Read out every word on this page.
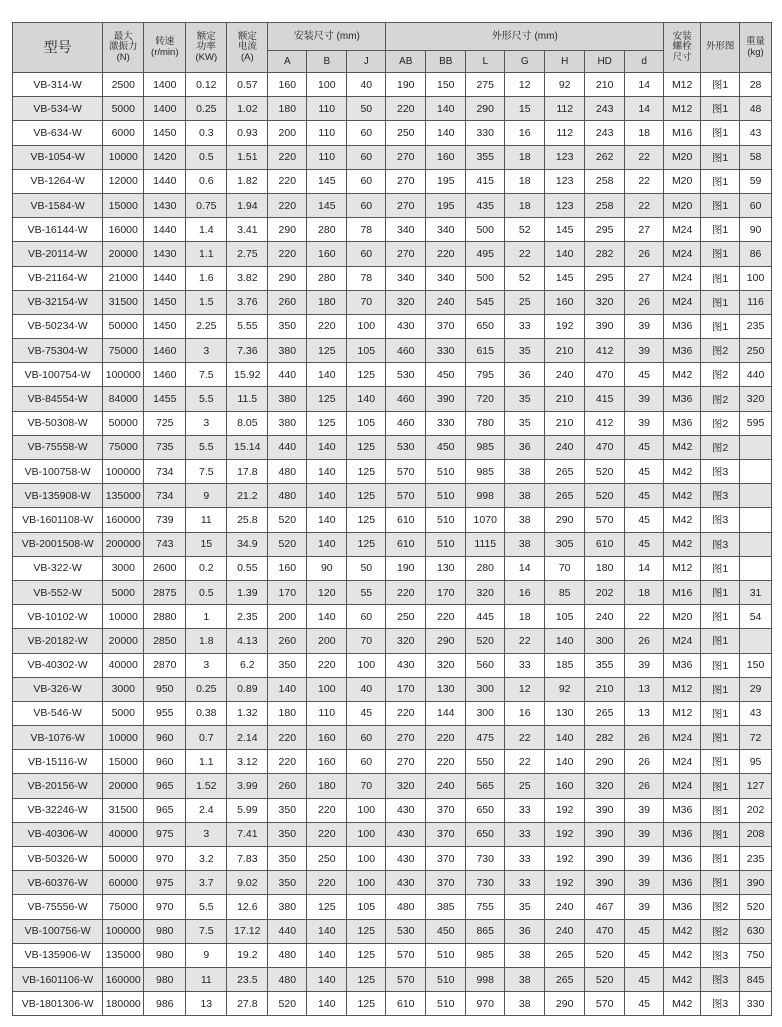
型号	最大
激振力
(N)	转速
(r/min)	额定
功率
(KW)	额定
电流
(A)	安装尺寸 (mm)			外形尺寸 (mm)							安装
螺栓
尺寸	外形图	重量
(kg)
					A	B	J	AB	BB	L	G	H	HD	d			
VB-314-W	2500	1400	0.12	0.57	160	100	40	190	150	275	12	92	210	14	M12	图1	28
VB-534-W	5000	1400	0.25	1.02	180	110	50	220	140	290	15	112	243	14	M12	图1	48
VB-634-W	6000	1450	0.3	0.93	200	110	60	250	140	330	16	112	243	18	M16	图1	43
VB-1054-W	10000	1420	0.5	1.51	220	110	60	270	160	355	18	123	262	22	M20	图1	58
VB-1264-W	12000	1440	0.6	1.82	220	145	60	270	195	415	18	123	258	22	M20	图1	59
VB-1584-W	15000	1430	0.75	1.94	220	145	60	270	195	435	18	123	258	22	M20	图1	60
VB-16144-W	16000	1440	1.4	3.41	290	280	78	340	340	500	52	145	295	27	M24	图1	90
VB-20114-W	20000	1430	1.1	2.75	220	160	60	270	220	495	22	140	282	26	M24	图1	86
VB-21164-W	21000	1440	1.6	3.82	290	280	78	340	340	500	52	145	295	27	M24	图1	100
VB-32154-W	31500	1450	1.5	3.76	260	180	70	320	240	545	25	160	320	26	M24	图1	116
VB-50234-W	50000	1450	2.25	5.55	350	220	100	430	370	650	33	192	390	39	M36	图1	235
VB-75304-W	75000	1460	3	7.36	380	125	105	460	330	615	35	210	412	39	M36	图2	250
VB-100754-W	100000	1460	7.5	15.92	440	140	125	530	450	795	36	240	470	45	M42	图2	440
VB-84554-W	84000	1455	5.5	11.5	380	125	140	460	390	720	35	210	415	39	M36	图2	320
VB-50308-W	50000	725	3	8.05	380	125	105	460	330	780	35	210	412	39	M36	图2	595
VB-75558-W	75000	735	5.5	15.14	440	140	125	530	450	985	36	240	470	45	M42	图2	
VB-100758-W	100000	734	7.5	17.8	480	140	125	570	510	985	38	265	520	45	M42	图3	
VB-135908-W	135000	734	9	21.2	480	140	125	570	510	998	38	265	520	45	M42	图3	
VB-1601108-W	160000	739	11	25.8	520	140	125	610	510	1070	38	290	570	45	M42	图3	
VB-2001508-W	200000	743	15	34.9	520	140	125	610	510	1115	38	305	610	45	M42	图3	
VB-322-W	3000	2600	0.2	0.55	160	90	50	190	130	280	14	70	180	14	M12	图1	
VB-552-W	5000	2875	0.5	1.39	170	120	55	220	170	320	16	85	202	18	M16	图1	31
VB-10102-W	10000	2880	1	2.35	200	140	60	250	220	445	18	105	240	22	M20	图1	54
VB-20182-W	20000	2850	1.8	4.13	260	200	70	320	290	520	22	140	300	26	M24	图1	
VB-40302-W	40000	2870	3	6.2	350	220	100	430	320	560	33	185	355	39	M36	图1	150
VB-326-W	3000	950	0.25	0.89	140	100	40	170	130	300	12	92	210	13	M12	图1	29
VB-546-W	5000	955	0.38	1.32	180	110	45	220	144	300	16	130	265	13	M12	图1	43
VB-1076-W	10000	960	0.7	2.14	220	160	60	270	220	475	22	140	282	26	M24	图1	72
VB-15116-W	15000	960	1.1	3.12	220	160	60	270	220	550	22	140	290	26	M24	图1	95
VB-20156-W	20000	965	1.52	3.99	260	180	70	320	240	565	25	160	320	26	M24	图1	127
VB-32246-W	31500	965	2.4	5.99	350	220	100	430	370	650	33	192	390	39	M36	图1	202
VB-40306-W	40000	975	3	7.41	350	220	100	430	370	650	33	192	390	39	M36	图1	208
VB-50326-W	50000	970	3.2	7.83	350	250	100	430	370	730	33	192	390	39	M36	图1	235
VB-60376-W	60000	975	3.7	9.02	350	220	100	430	370	730	33	192	390	39	M36	图1	390
VB-75556-W	75000	970	5.5	12.6	380	125	105	480	385	755	35	240	467	39	M36	图2	520
VB-100756-W	100000	980	7.5	17.12	440	140	125	530	450	865	36	240	470	45	M42	图2	630
VB-135906-W	135000	980	9	19.2	480	140	125	570	510	985	38	265	520	45	M42	图3	750
VB-1601106-W	160000	980	11	23.5	480	140	125	570	510	998	38	265	520	45	M42	图3	845
VB-1801306-W	180000	986	13	27.8	520	140	125	610	510	970	38	290	570	45	M42	图3	330
